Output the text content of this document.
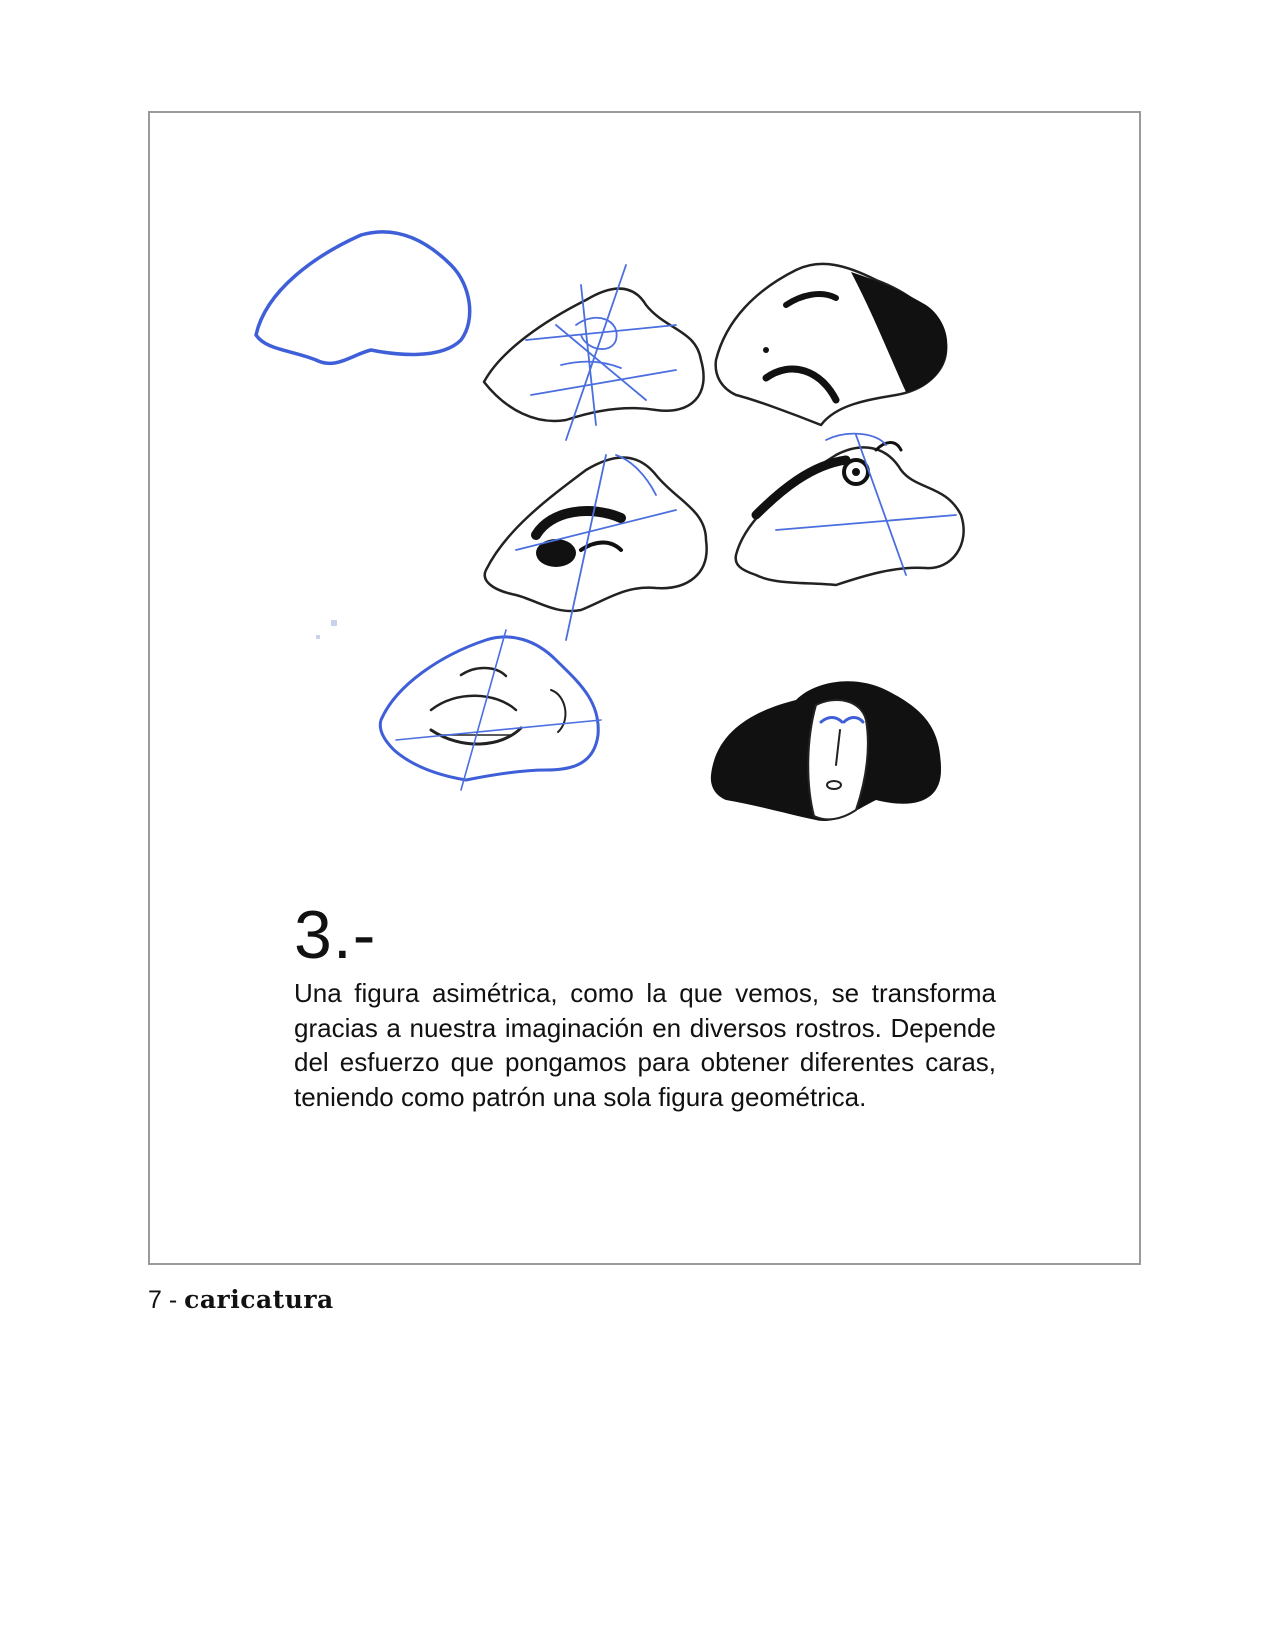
3.-
Una figura asimétrica, como la que vemos, se transforma gracias a nuestra imaginación en diversos rostros. Depende del esfuerzo que pongamos para obtener diferentes caras, teniendo como patrón una sola figura geométrica.
7 - caricatura
